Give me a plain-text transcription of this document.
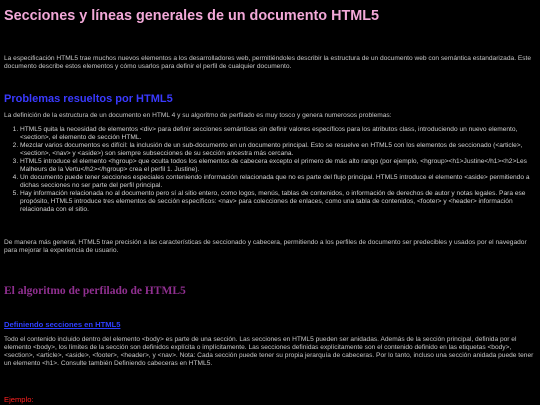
Secciones y líneas generales de un documento HTML5

La especificación HTML5 trae muchos nuevos elementos a los desarrolladores web, permitiéndoles describir la estructura de un documento web con semántica estandarizada. Este documento describe estos elementos y cómo usarlos para definir el perfil de cualquier documento.

Problemas resueltos por HTML5

La definición de la estructura de un documento en HTML 4 y su algoritmo de perfilado es muy tosco y genera numerosos problemas:

1. HTML5 quita la necesidad de elementos <div> para definir secciones semánticas sin definir valores específicos para los atributos class, introduciendo un nuevo elemento, <section>, el elemento de sección HTML.
2. Mezclar varios documentos es difícil: la inclusión de un sub-documento en un documento principal. Esto se resuelve en HTML5 con los elementos de seccionado (<article>, <section>, <nav> y <aside>) son siempre subsecciones de su sección ancestra más cercana.
3. HTML5 introduce el elemento <hgroup> que oculta todos los elementos de cabecera excepto el primero de más alto rango (por ejemplo, <hgroup><h1>Justine</h1><h2>Les Malheurs de la Vertu</h2></hgroup> crea el perfil 1. Justine).
4. Un documento puede tener secciones especiales conteniendo información relacionada que no es parte del flujo principal. HTML5 introduce el elemento <aside> permitiendo a dichas secciones no ser parte del perfil principal.
5. Hay información relacionada no al documento pero sí al sitio entero, como logos, menús, tablas de contenidos, o información de derechos de autor y notas legales. Para ese propósito, HTML5 introduce tres elementos de sección específicos: <nav> para colecciones de enlaces, como una tabla de contenidos, <footer> y <header> información relacionada con el sitio.

De manera más general, HTML5 trae precisión a las características de seccionado y cabecera, permitiendo a los perfiles de documento ser predecibles y usados por el navegador para mejorar la experiencia de usuario.

El algoritmo de perfilado de HTML5
Definiendo secciones en HTML5

Todo el contenido incluido dentro del elemento <body> es parte de una sección. Las secciones en HTML5 pueden ser anidadas. Además de la sección principal, definida por el elemento <body>, los límites de la sección son definidos explícita o implícitamente. Las secciones definidas explícitamente son el contenido definido en las etiquetas <body>, <section>, <article>, <aside>, <footer>, <header>, y <nav>. Nota: Cada sección puede tener su propia jerarquía de cabeceras. Por lo tanto, incluso una sección anidada puede tener un elemento <h1>. Consulte también Definiendo cabeceras en HTML5.

Ejemplo:
